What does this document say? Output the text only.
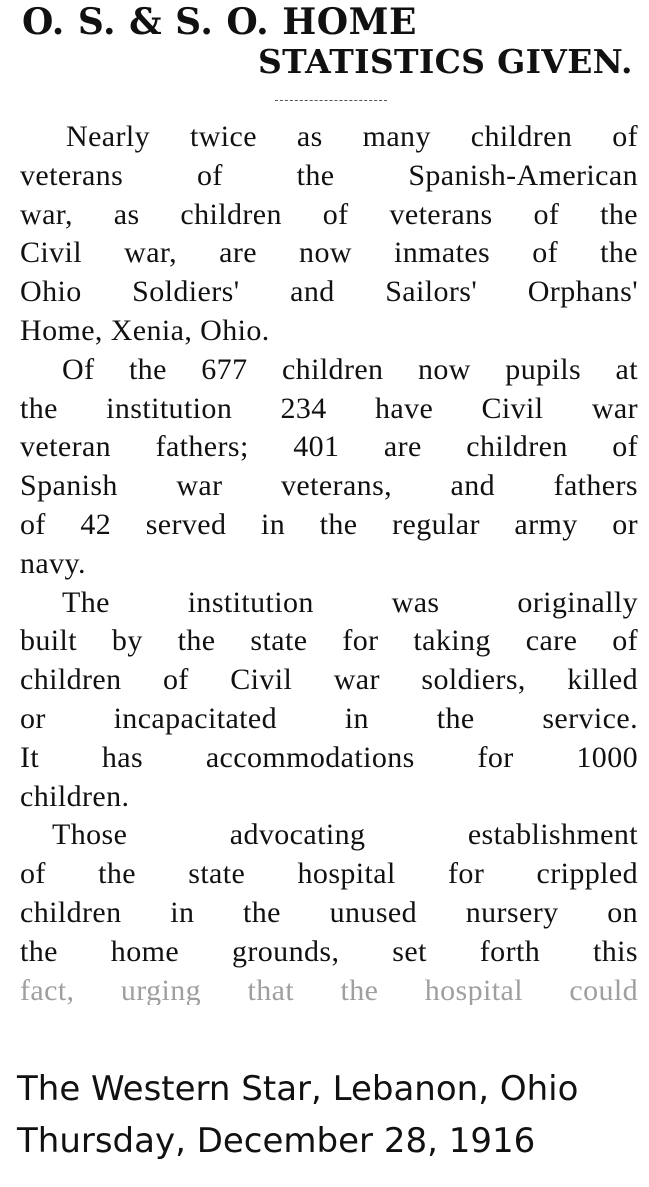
O. S. & S. O. HOME
STATISTICS GIVEN.
Nearly twice as many children of
veterans of the Spanish-American
war, as children of veterans of the
Civil war, are now inmates of the
Ohio Soldiers' and Sailors' Orphans'
Home, Xenia, Ohio.
Of the 677 children now pupils at
the institution 234 have Civil war
veteran fathers; 401 are children of
Spanish war veterans, and fathers
of 42 served in the regular army or
navy.
The institution was originally
built by the state for taking care of
children of Civil war soldiers, killed
or incapacitated in the service.
It has accommodations for 1000
children.
Those advocating establishment
of the state hospital for crippled
children in the unused nursery on
the home grounds, set forth this
fact, urging that the hospital could
The Western Star, Lebanon, Ohio
Thursday, December 28, 1916
